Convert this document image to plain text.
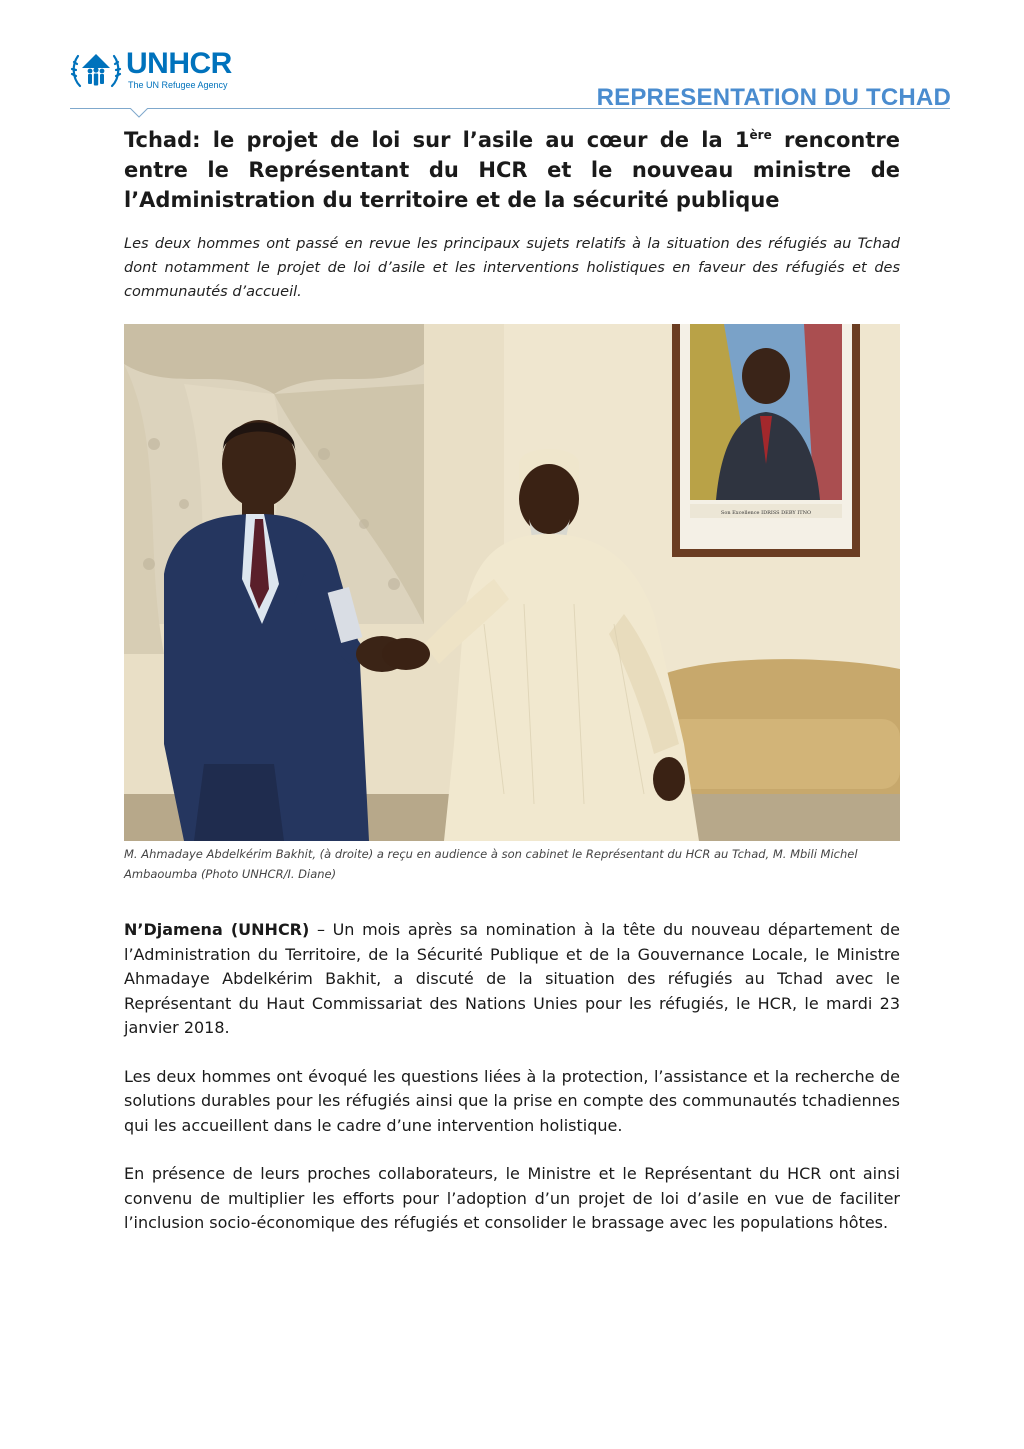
UNHCR
The UN Refugee Agency	REPRESENTATION DU TCHAD
Tchad: le projet de loi sur l’asile au cœur de la 1ère rencontre entre le Représentant du HCR et le nouveau ministre de l’Administration du territoire et de la sécurité publique
Les deux hommes ont passé en revue les principaux sujets relatifs à la situation des réfugiés au Tchad dont notamment le projet de loi d’asile et les interventions holistiques en faveur des réfugiés et des communautés d’accueil.
Son Excellence IDRISS DEBY ITNO
M. Ahmadaye Abdelkérim Bakhit, (à droite) a reçu en audience à son cabinet le Représentant du HCR au Tchad, M. Mbili Michel Ambaoumba (Photo UNHCR/I. Diane)

N’Djamena (UNHCR) – Un mois après sa nomination à la tête du nouveau département de l’Administration du Territoire, de la Sécurité Publique et de la Gouvernance Locale, le Ministre Ahmadaye Abdelkérim Bakhit, a discuté de la situation des réfugiés au Tchad avec le Représentant du Haut Commissariat des Nations Unies pour les réfugiés, le HCR, le mardi 23 janvier 2018.

Les deux hommes ont évoqué les questions liées à la protection, l’assistance et la recherche de solutions durables pour les réfugiés ainsi que la prise en compte des communautés tchadiennes qui les accueillent dans le cadre d’une intervention holistique.

En présence de leurs proches collaborateurs, le Ministre et le Représentant du HCR ont ainsi convenu de multiplier les efforts pour l’adoption d’un projet de loi d’asile en vue de faciliter l’inclusion socio-économique des réfugiés et consolider le brassage avec les populations hôtes.
